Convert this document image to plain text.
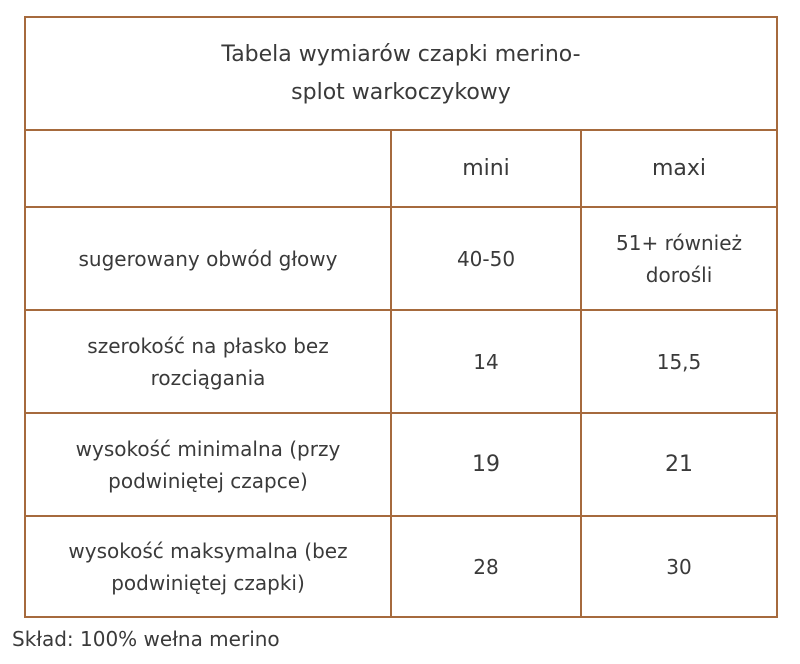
Tabela wymiarów czapki merino-
splot warkoczykowy		

	mini	maxi
sugerowany obwód głowy	40-50	51+ również
dorośli

szerokość na płasko bez
rozciągania	14	15,5

wysokość minimalna (przy
podwiniętej czapce)	19	21

wysokość maksymalna (bez
podwiniętej czapki)	28	30
Skład: 100% wełna merino
